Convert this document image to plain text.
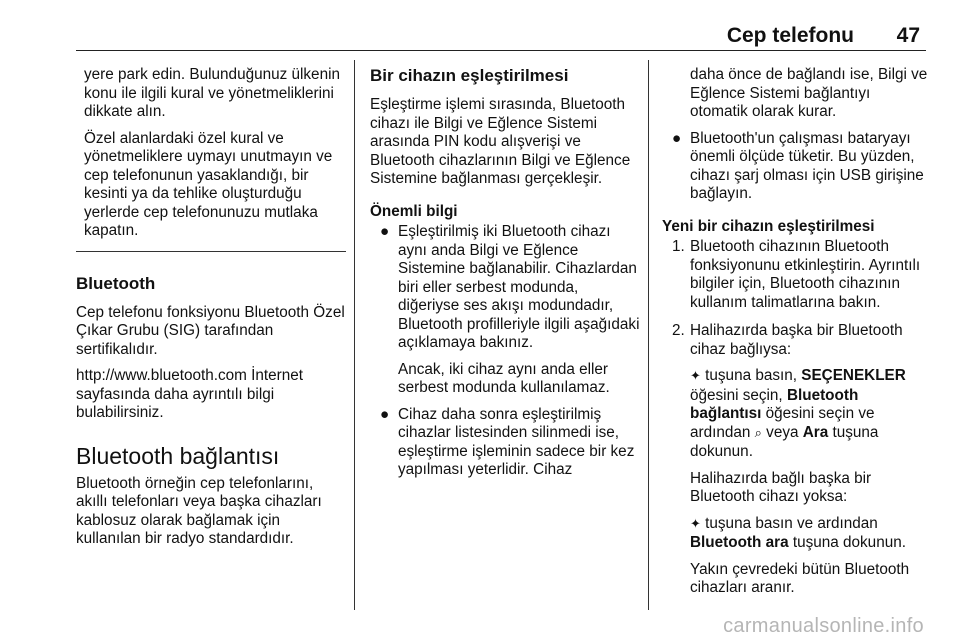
Cep telefonu 47

yere park edin. Bulunduğunuz ülkenin konu ile ilgili kural ve yönetmeliklerini dikkate alın.

Özel alanlardaki özel kural ve yönetmeliklere uymayı unutmayın ve cep telefonunun yasaklandığı, bir kesinti ya da tehlike oluşturduğu yerlerde cep telefonunuzu mutlaka kapatın.

Bluetooth

Cep telefonu fonksiyonu Bluetooth Özel Çıkar Grubu (SIG) tarafından sertifikalıdır.

http://www.bluetooth.com İnternet sayfasında daha ayrıntılı bilgi bulabilirsiniz.

Bluetooth bağlantısı

Bluetooth örneğin cep telefonlarını, akıllı telefonları veya başka cihazları kablosuz olarak bağlamak için kullanılan bir radyo standardıdır.

Bir cihazın eşleştirilmesi

Eşleştirme işlemi sırasında, Bluetooth cihazı ile Bilgi ve Eğlence Sistemi arasında PIN kodu alışverişi ve Bluetooth cihazlarının Bilgi ve Eğlence Sistemine bağlanması gerçekleşir.

Önemli bilgi
● Eşleştirilmiş iki Bluetooth cihazı aynı anda Bilgi ve Eğlence Sistemine bağlanabilir. Cihazlardan biri eller serbest modunda, diğeriyse ses akışı modundadır, Bluetooth profilleriyle ilgili aşağıdaki açıklamaya bakınız.

Ancak, iki cihaz aynı anda eller serbest modunda kullanılamaz.

● Cihaz daha sonra eşleştirilmiş cihazlar listesinden silinmedi ise, eşleştirme işleminin sadece bir kez yapılması yeterlidir. Cihaz

daha önce de bağlandı ise, Bilgi ve Eğlence Sistemi bağlantıyı otomatik olarak kurar.

● Bluetooth'un çalışması bataryayı önemli ölçüde tüketir. Bu yüzden, cihazı şarj olması için USB girişine bağlayın.

Yeni bir cihazın eşleştirilmesi
1. Bluetooth cihazının Bluetooth fonksiyonunu etkinleştirin. Ayrıntılı bilgiler için, Bluetooth cihazının kullanım talimatlarına bakın.

2. Halihazırda başka bir Bluetooth cihaz bağlıysa:

✦ tuşuna basın, SEÇENEKLER öğesini seçin, Bluetooth bağlantısı öğesini seçin ve ardından ⌕ veya Ara tuşuna dokunun.

Halihazırda bağlı başka bir Bluetooth cihazı yoksa:

✦ tuşuna basın ve ardından Bluetooth ara tuşuna dokunun.

Yakın çevredeki bütün Bluetooth cihazları aranır.

carmanualsonline.info
